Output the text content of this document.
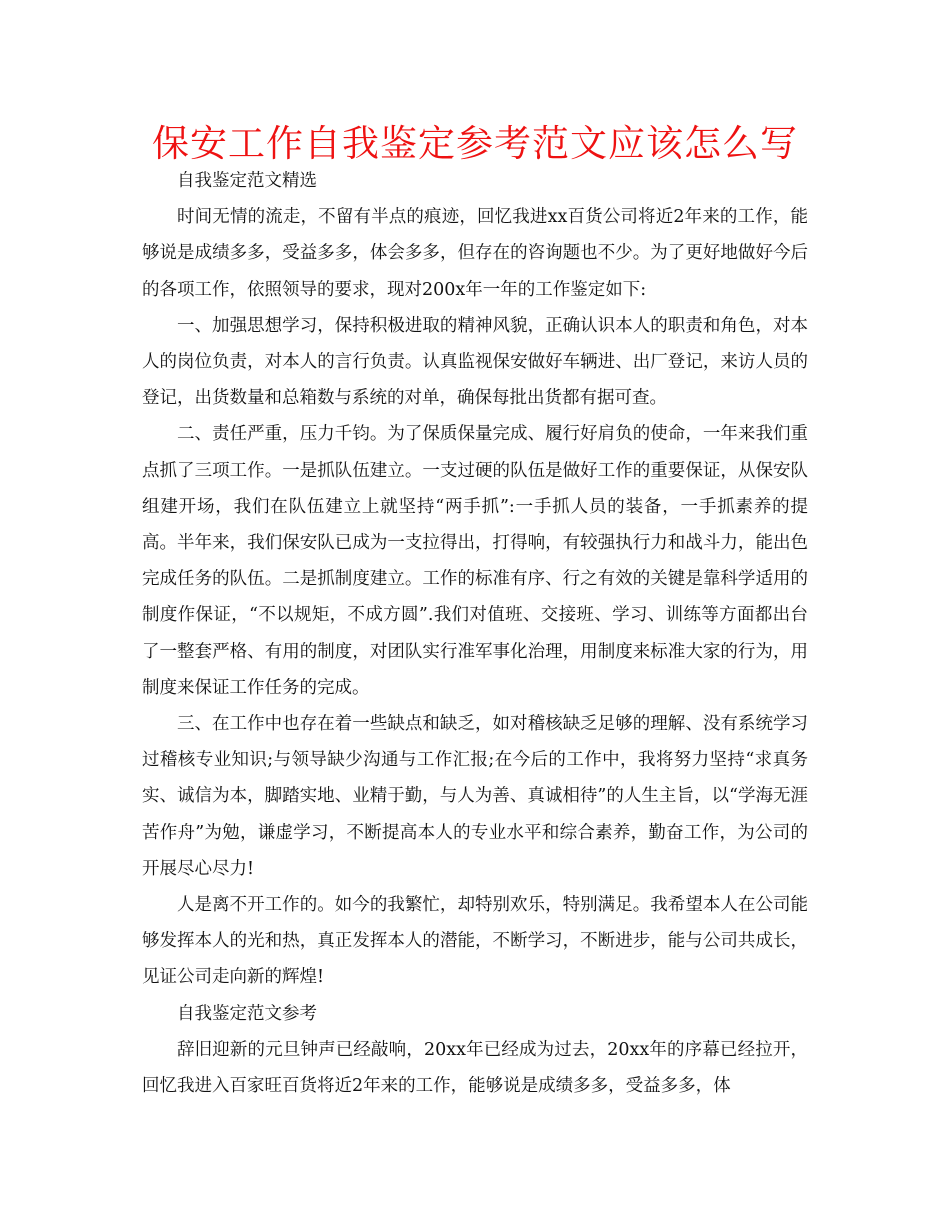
保安工作自我鉴定参考范文应该怎么写

自我鉴定范文精选

时间无情的流走，不留有半点的痕迹，回忆我进xx百货公司将近2年来的工作，能够说是成绩多多，受益多多，体会多多，但存在的咨询题也不少。为了更好地做好今后的各项工作，依照领导的要求，现对200x年一年的工作鉴定如下:

一、加强思想学习，保持积极进取的精神风貌，正确认识本人的职责和角色，对本人的岗位负责，对本人的言行负责。认真监视保安做好车辆进、出厂登记，来访人员的登记，出货数量和总箱数与系统的对单，确保每批出货都有据可查。

二、责任严重，压力千钧。为了保质保量完成、履行好肩负的使命，一年来我们重点抓了三项工作。一是抓队伍建立。一支过硬的队伍是做好工作的重要保证，从保安队组建开场，我们在队伍建立上就坚持“两手抓”:一手抓人员的装备，一手抓素养的提高。半年来，我们保安队已成为一支拉得出，打得响，有较强执行力和战斗力，能出色完成任务的队伍。二是抓制度建立。工作的标准有序、行之有效的关键是靠科学适用的制度作保证，“不以规矩，不成方圆”.我们对值班、交接班、学习、训练等方面都出台了一整套严格、有用的制度，对团队实行准军事化治理，用制度来标准大家的行为，用制度来保证工作任务的完成。

三、在工作中也存在着一些缺点和缺乏，如对稽核缺乏足够的理解、没有系统学习过稽核专业知识;与领导缺少沟通与工作汇报;在今后的工作中，我将努力坚持“求真务实、诚信为本，脚踏实地、业精于勤，与人为善、真诚相待”的人生主旨，以“学海无涯苦作舟”为勉，谦虚学习，不断提高本人的专业水平和综合素养，勤奋工作，为公司的开展尽心尽力!

人是离不开工作的。如今的我繁忙，却特别欢乐，特别满足。我希望本人在公司能够发挥本人的光和热，真正发挥本人的潜能，不断学习，不断进步，能与公司共成长，见证公司走向新的辉煌!

自我鉴定范文参考

辞旧迎新的元旦钟声已经敲响，20xx年已经成为过去，20xx年的序幕已经拉开，回忆我进入百家旺百货将近2年来的工作，能够说是成绩多多，受益多多，体
